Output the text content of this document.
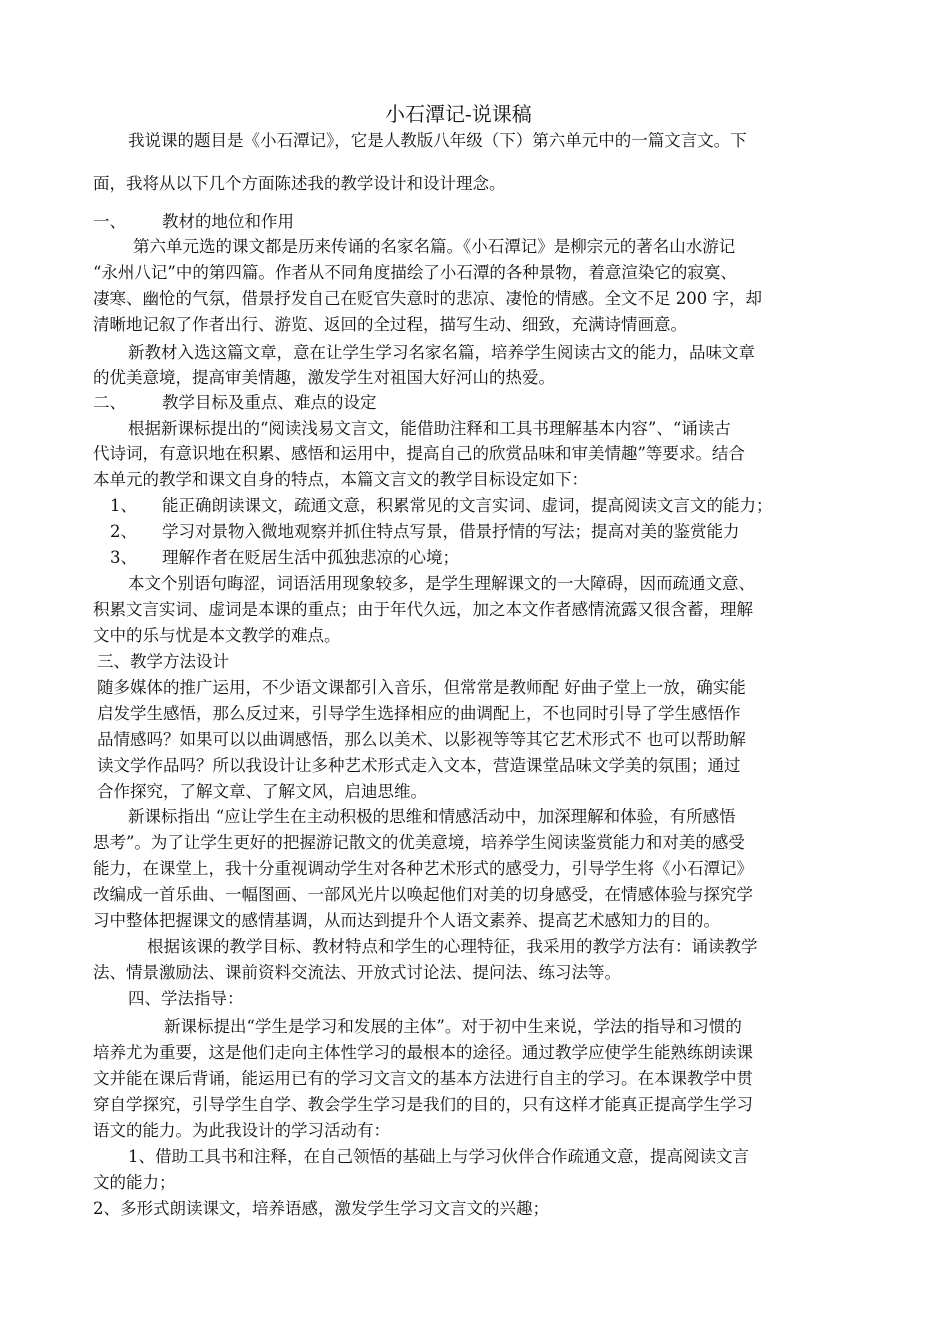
小石潭记-说课稿
我说课的题目是《小石潭记》，它是人教版八年级（下）第六单元中的一篇文言文。下
面，我将从以下几个方面陈述我的教学设计和设计理念。
一、 教材的地位和作用
第六单元选的课文都是历来传诵的名家名篇。《小石潭记》是柳宗元的著名山水游记
“永州八记”中的第四篇。作者从不同角度描绘了小石潭的各种景物，着意渲染它的寂寞、
凄寒、幽怆的气氛，借景抒发自己在贬官失意时的悲凉、凄怆的情感。全文不足 200 字，却
清晰地记叙了作者出行、游览、返回的全过程，描写生动、细致，充满诗情画意。
新教材入选这篇文章，意在让学生学习名家名篇，培养学生阅读古文的能力，品味文章
的优美意境，提高审美情趣，激发学生对祖国大好河山的热爱。
二、 教学目标及重点、难点的设定
根据新课标提出的“阅读浅易文言文，能借助注释和工具书理解基本内容”、“诵读古
代诗词，有意识地在积累、感悟和运用中，提高自己的欣赏品味和审美情趣”等要求。结合
本单元的教学和课文自身的特点，本篇文言文的教学目标设定如下：
1、 能正确朗读课文，疏通文意，积累常见的文言实词、虚词，提高阅读文言文的能力；
2、 学习对景物入微地观察并抓住特点写景，借景抒情的写法；提高对美的鉴赏能力
3、 理解作者在贬居生活中孤独悲凉的心境；
本文个别语句晦涩，词语活用现象较多，是学生理解课文的一大障碍，因而疏通文意、
积累文言实词、虚词是本课的重点；由于年代久远，加之本文作者感情流露又很含蓄，理解
文中的乐与忧是本文教学的难点。
三、教学方法设计
随多媒体的推广运用，不少语文课都引入音乐，但常常是教师配 好曲子堂上一放，确实能
启发学生感悟，那么反过来，引导学生选择相应的曲调配上，不也同时引导了学生感悟作
品情感吗？如果可以以曲调感悟，那么以美术、以影视等等其它艺术形式不 也可以帮助解
读文学作品吗？所以我设计让多种艺术形式走入文本，营造课堂品味文学美的氛围；通过
合作探究，了解文章、了解文风，启迪思维。
新课标指出 “应让学生在主动积极的思维和情感活动中，加深理解和体验，有所感悟
思考”。为了让学生更好的把握游记散文的优美意境，培养学生阅读鉴赏能力和对美的感受
能力，在课堂上，我十分重视调动学生对各种艺术形式的感受力，引导学生将《小石潭记》
改编成一首乐曲、一幅图画、一部风光片以唤起他们对美的切身感受，在情感体验与探究学
习中整体把握课文的感情基调，从而达到提升个人语文素养、提高艺术感知力的目的。
根据该课的教学目标、教材特点和学生的心理特征，我采用的教学方法有：诵读教学
法、情景激励法、课前资料交流法、开放式讨论法、提问法、练习法等。
四、学法指导：
新课标提出“学生是学习和发展的主体”。对于初中生来说，学法的指导和习惯的
培养尤为重要，这是他们走向主体性学习的最根本的途径。通过教学应使学生能熟练朗读课
文并能在课后背诵，能运用已有的学习文言文的基本方法进行自主的学习。在本课教学中贯
穿自学探究，引导学生自学、教会学生学习是我们的目的，只有这样才能真正提高学生学习
语文的能力。为此我设计的学习活动有：
1、借助工具书和注释，在自己领悟的基础上与学习伙伴合作疏通文意，提高阅读文言
文的能力；
2、多形式朗读课文，培养语感，激发学生学习文言文的兴趣；
